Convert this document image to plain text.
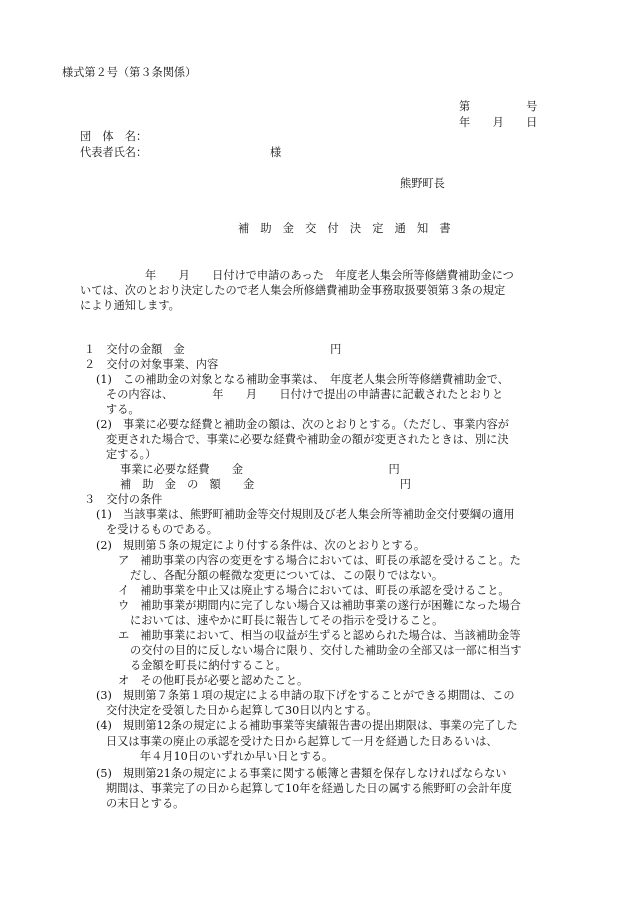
様式第２号（第３条関係）
第　　　　　号
年　　月　　日
団　体　名：
代表者氏名：	様
熊野町長
補　助　金　交　付　決　定　通　知　書
年　　月　　日付けで申請のあった　年度老人集会所等修繕費補助金につ
いては、次のとおり決定したので老人集会所修繕費補助金事務取扱要領第３条の規定
により通知します。
１　交付の金額　金　　　　　　　　　　　　　円
２　交付の対象事業、内容
(1)　この補助金の対象となる補助金事業は、　年度老人集会所等修繕費補助金で、
その内容は、　　　　年　　月　　日付けで提出の申請書に記載されたとおりと
する。
(2)　事業に必要な経費と補助金の額は、次のとおりとする。（ただし、事業内容が
変更された場合で、事業に必要な経費や補助金の額が変更されたときは、別に決
定する。）
事業に必要な経費　　金　　　　　　　　　　　　　円
補　助　金　の　額　　金　　　　　　　　　　　　　円
３　交付の条件
(1)　当該事業は、熊野町補助金等交付規則及び老人集会所等補助金交付要綱の適用
を受けるものである。
(2)　規則第５条の規定により付する条件は、次のとおりとする。
ア　補助事業の内容の変更をする場合においては、町長の承認を受けること。た
だし、各配分額の軽微な変更については、この限りではない。
イ　補助事業を中止又は廃止する場合においては、町長の承認を受けること。
ウ　補助事業が期間内に完了しない場合又は補助事業の遂行が困難になった場合
においては、速やかに町長に報告してその指示を受けること。
エ　補助事業において、相当の収益が生ずると認められた場合は、当該補助金等
の交付の目的に反しない場合に限り、交付した補助金の全部又は一部に相当す
る金額を町長に納付すること。
オ　その他町長が必要と認めたこと。
(3)　規則第７条第１項の規定による申請の取下げをすることができる期間は、この
交付決定を受領した日から起算して30日以内とする。
(4)　規則第12条の規定による補助事業等実績報告書の提出期限は、事業の完了した
日又は事業の廃止の承認を受けた日から起算して一月を経過した日あるいは、
年４月10日のいずれか早い日とする。
(5)　規則第21条の規定による事業に関する帳簿と書類を保存しなければならない
期間は、事業完了の日から起算して10年を経過した日の属する熊野町の会計年度
の末日とする。
